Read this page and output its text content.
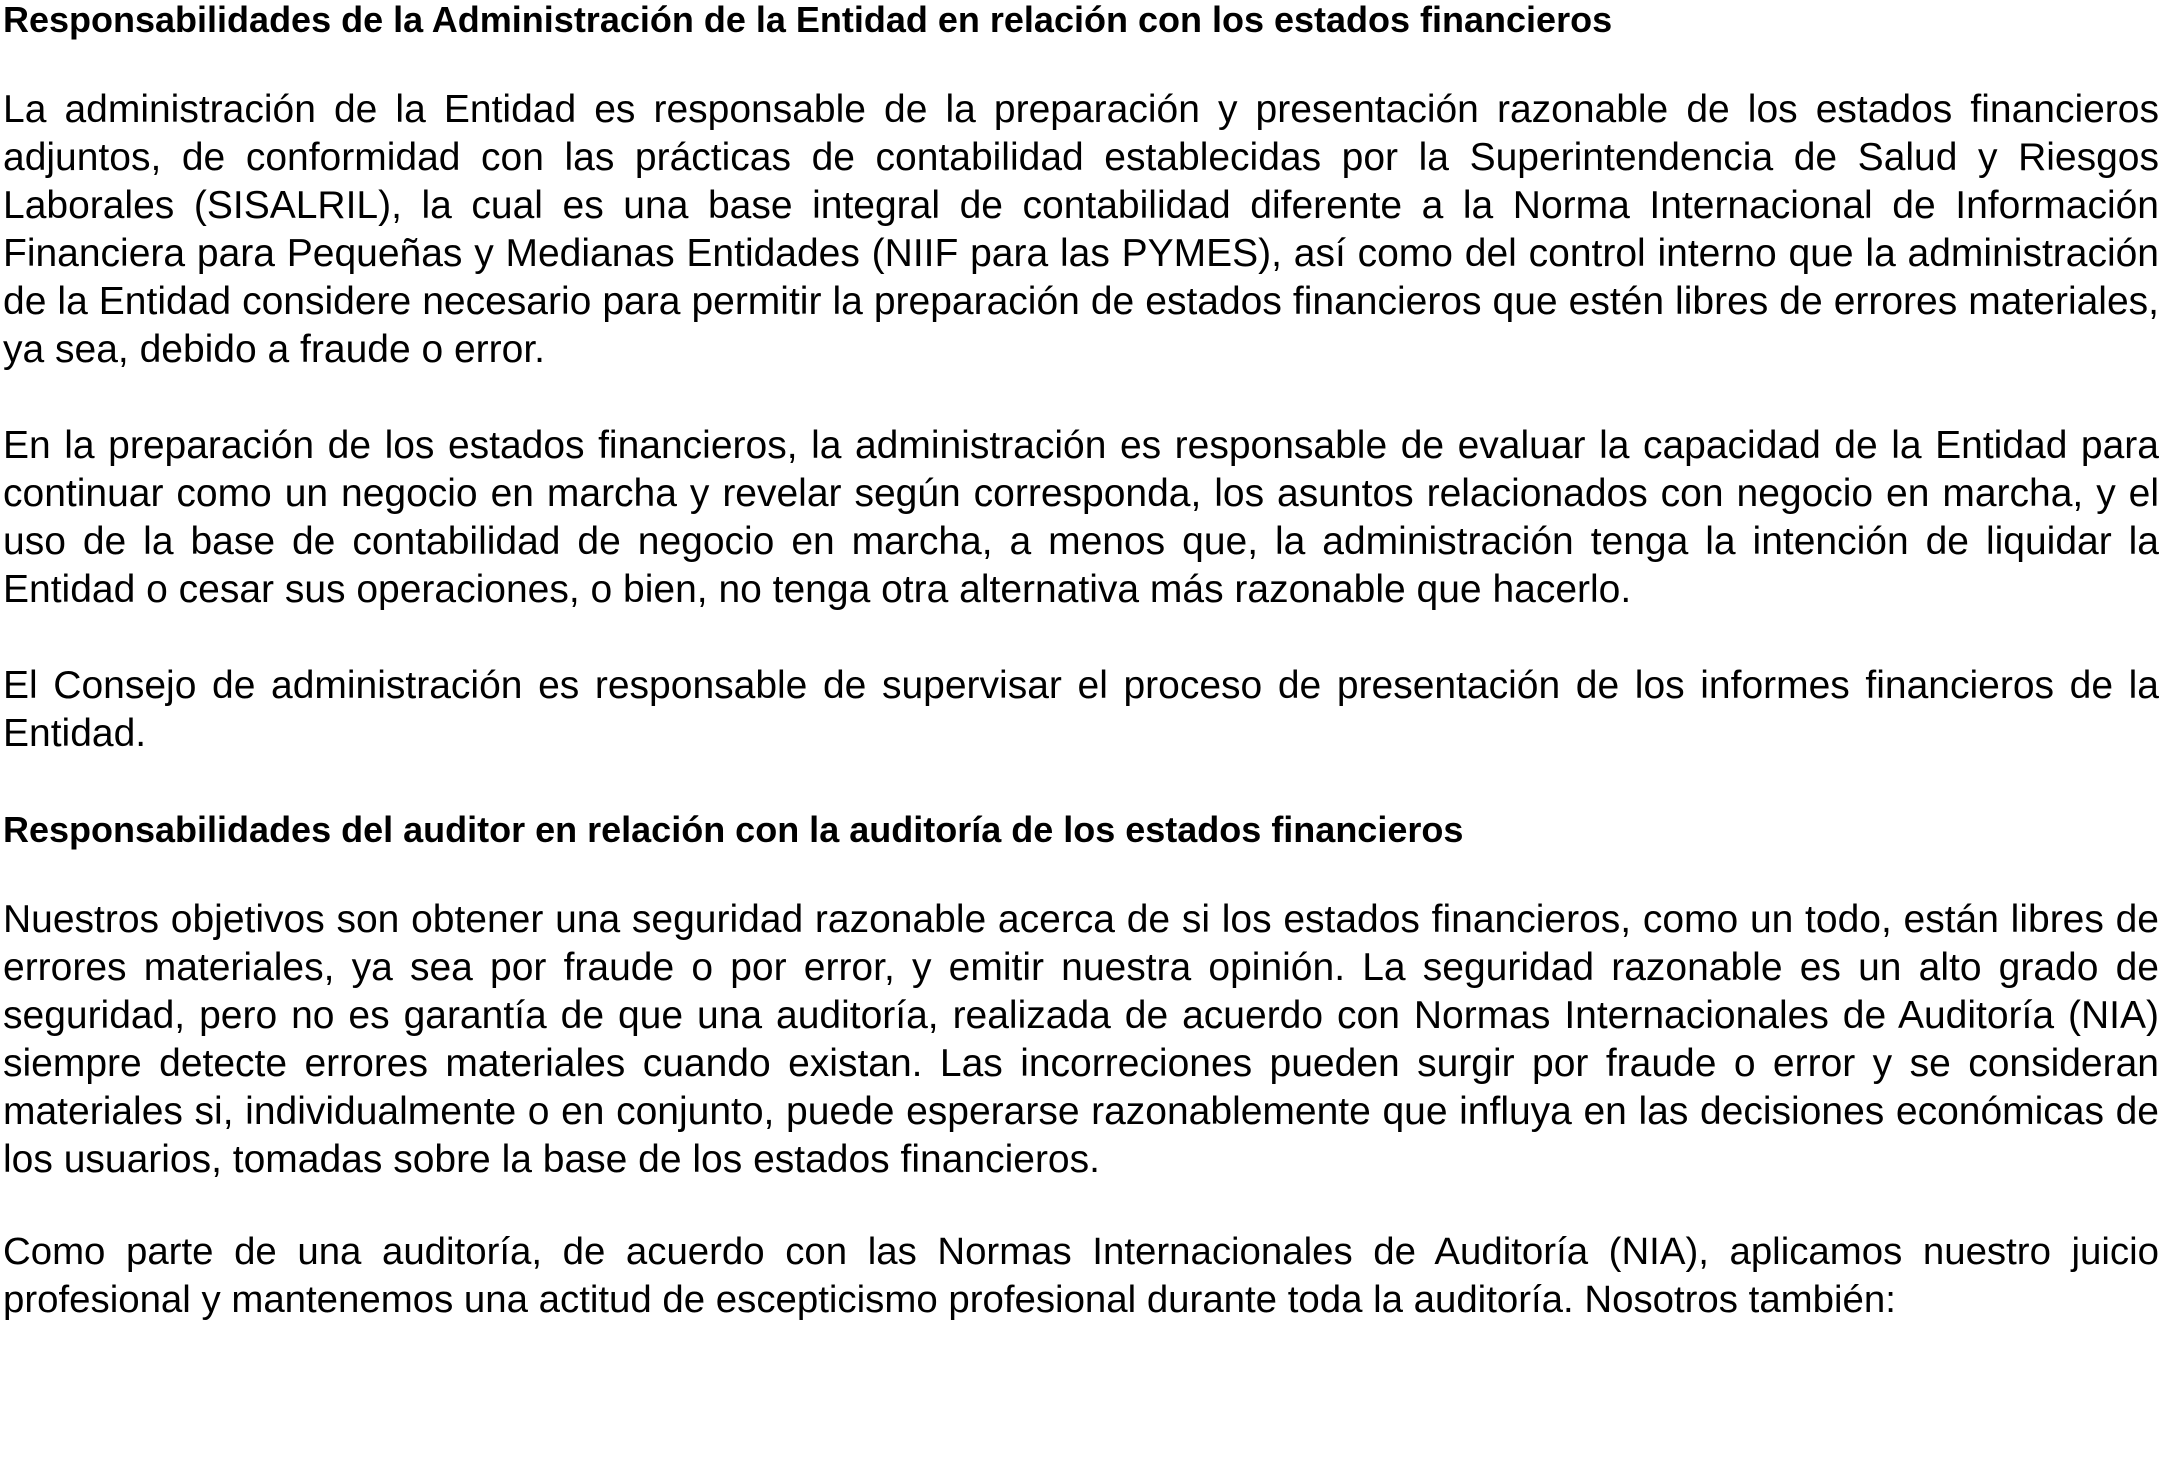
Responsabilidades de la Administración de la Entidad en relación con los estados financieros

La administración de la Entidad es responsable de la preparación y presentación razonable de los estados financieros adjuntos, de conformidad con las prácticas de contabilidad establecidas por la Superintendencia de Salud y Riesgos Laborales (SISALRIL), la cual es una base integral de contabilidad diferente a la Norma Internacional de Información Financiera para Pequeñas y Medianas Entidades (NIIF para las PYMES), así como del control interno que la administración de la Entidad considere necesario para permitir la preparación de estados financieros que estén libres de errores materiales, ya sea, debido a fraude o error.

En la preparación de los estados financieros, la administración es responsable de evaluar la capacidad de la Entidad para continuar como un negocio en marcha y revelar según corresponda, los asuntos relacionados con negocio en marcha, y el uso de la base de contabilidad de negocio en marcha, a menos que, la administración tenga la intención de liquidar la Entidad o cesar sus operaciones, o bien, no tenga otra alternativa más razonable que hacerlo.

El Consejo de administración es responsable de supervisar el proceso de presentación de los informes financieros de la Entidad.

Responsabilidades del auditor en relación con la auditoría de los estados financieros

Nuestros objetivos son obtener una seguridad razonable acerca de si los estados financieros, como un todo, están libres de errores materiales, ya sea por fraude o por error, y emitir nuestra opinión. La seguridad razonable es un alto grado de seguridad, pero no es garantía de que una auditoría, realizada de acuerdo con Normas Internacionales de Auditoría (NIA) siempre detecte errores materiales cuando existan. Las incorreciones pueden surgir por fraude o error y se consideran materiales si, individualmente o en conjunto, puede esperarse razonablemente que influya en las decisiones económicas de los usuarios, tomadas sobre la base de los estados financieros.

Como parte de una auditoría, de acuerdo con las Normas Internacionales de Auditoría (NIA), aplicamos nuestro juicio profesional y mantenemos una actitud de escepticismo profesional durante toda la auditoría. Nosotros también:
